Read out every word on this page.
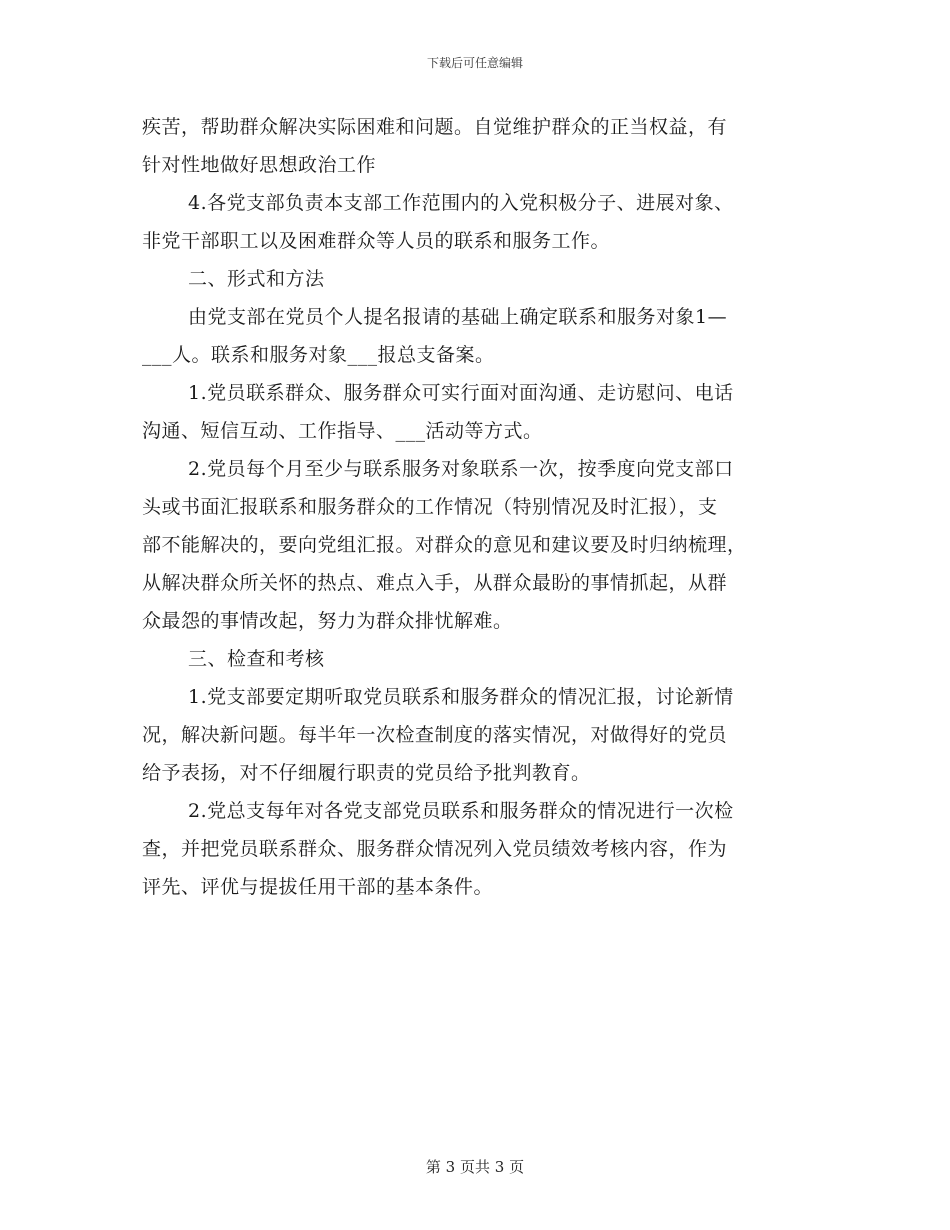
下载后可任意编辑
疾苦，帮助群众解决实际困难和问题。自觉维护群众的正当权益，有
针对性地做好思想政治工作
4.各党支部负责本支部工作范围内的入党积极分子、进展对象、
非党干部职工以及困难群众等人员的联系和服务工作。
二、形式和方法
由党支部在党员个人提名报请的基础上确定联系和服务对象1—
___人。联系和服务对象___报总支备案。
1.党员联系群众、服务群众可实行面对面沟通、走访慰问、电话
沟通、短信互动、工作指导、___活动等方式。
2.党员每个月至少与联系服务对象联系一次，按季度向党支部口
头或书面汇报联系和服务群众的工作情况（特别情况及时汇报），支
部不能解决的，要向党组汇报。对群众的意见和建议要及时归纳梳理，
从解决群众所关怀的热点、难点入手，从群众最盼的事情抓起，从群
众最怨的事情改起，努力为群众排忧解难。
三、检查和考核
1.党支部要定期听取党员联系和服务群众的情况汇报，讨论新情
况，解决新问题。每半年一次检查制度的落实情况，对做得好的党员
给予表扬，对不仔细履行职责的党员给予批判教育。
2.党总支每年对各党支部党员联系和服务群众的情况进行一次检
查，并把党员联系群众、服务群众情况列入党员绩效考核内容，作为
评先、评优与提拔任用干部的基本条件。
第 3 页共 3 页
